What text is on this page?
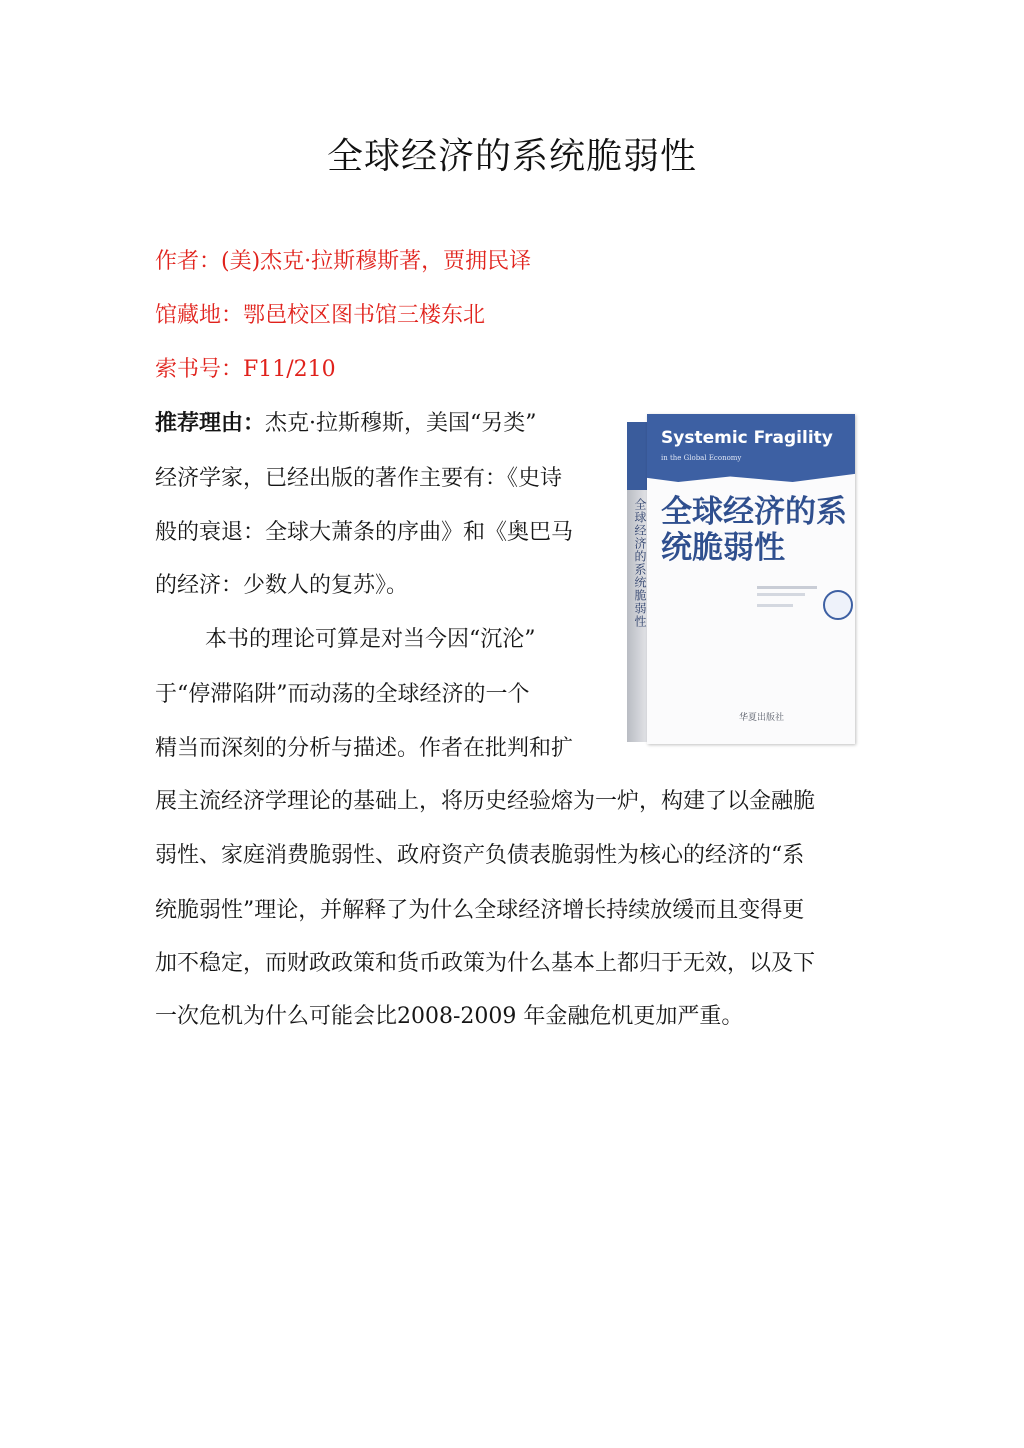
全球经济的系统脆弱性
作者：(美)杰克·拉斯穆斯著，贾拥民译
馆藏地：鄂邑校区图书馆三楼东北
索书号：F11/210
推荐理由：杰克·拉斯穆斯，美国“另类”
经济学家，已经出版的著作主要有：《史诗
般的衰退：全球大萧条的序曲》和《奥巴马
的经济：少数人的复苏》。
本书的理论可算是对当今因“沉沦”
于“停滞陷阱”而动荡的全球经济的一个
精当而深刻的分析与描述。作者在批判和扩
展主流经济学理论的基础上，将历史经验熔为一炉，构建了以金融脆
弱性、家庭消费脆弱性、政府资产负债表脆弱性为核心的经济的“系
统脆弱性”理论，并解释了为什么全球经济增长持续放缓而且变得更
加不稳定，而财政政策和货币政策为什么基本上都归于无效，以及下
一次危机为什么可能会比2008-2009 年金融危机更加严重。
全球经济的系统脆弱性
Systemic Fragility
in the Global Economy
全球经济的系统脆弱性
华夏出版社
